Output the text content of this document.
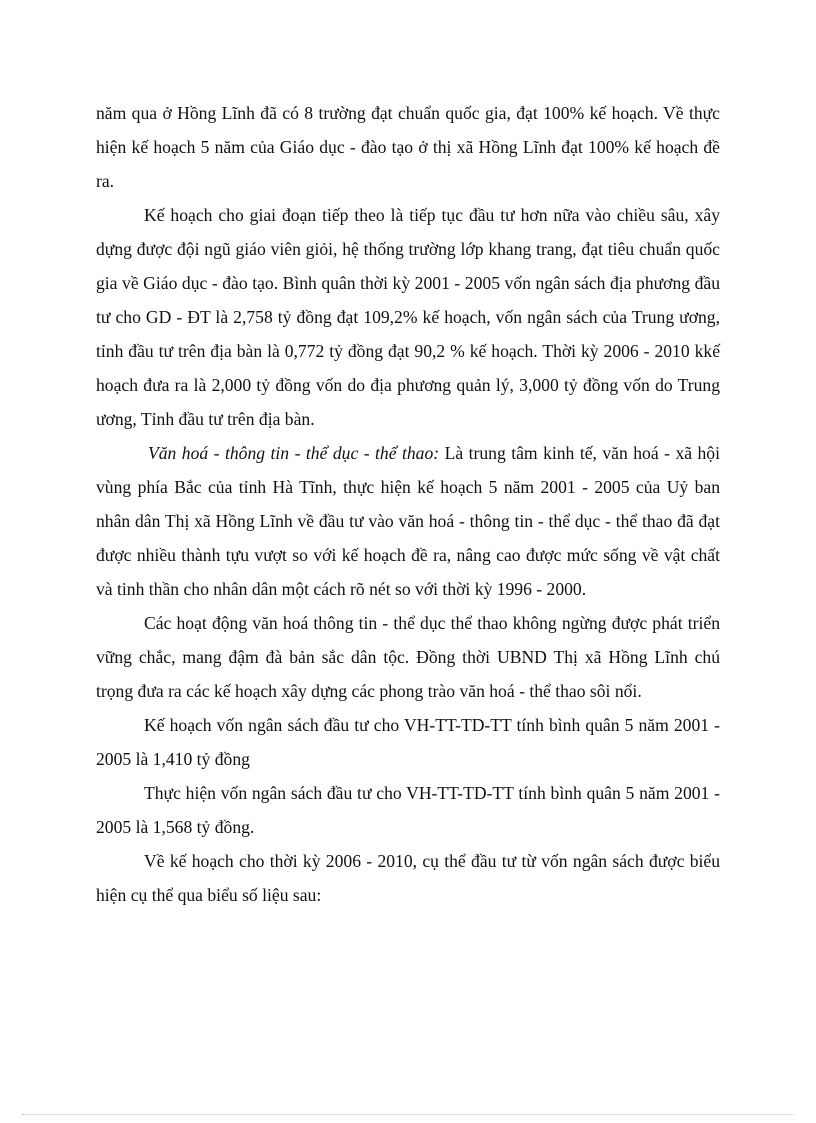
năm qua ở Hồng Lĩnh đã có 8 trường đạt chuẩn quốc gia, đạt 100% kế hoạch. Về thực hiện kế hoạch 5 năm của Giáo dục - đào tạo ở thị xã Hồng Lĩnh đạt 100% kế hoạch đề ra.

Kế hoạch cho giai đoạn tiếp theo là tiếp tục đầu tư hơn nữa vào chiều sâu, xây dựng được đội ngũ giáo viên giỏi, hệ thống trường lớp khang trang, đạt tiêu chuẩn quốc gia về Giáo dục - đào tạo. Bình quân thời kỳ 2001 - 2005 vốn ngân sách địa phương đầu tư cho GD - ĐT là 2,758 tỷ đồng đạt 109,2% kế hoạch, vốn ngân sách của Trung ương, tỉnh đầu tư trên địa bàn là 0,772 tỷ đồng đạt 90,2 % kế hoạch. Thời kỳ 2006 - 2010 kkế hoạch đưa ra là 2,000 tỷ đồng vốn do địa phương quản lý, 3,000 tỷ đồng vốn do Trung ương, Tỉnh đầu tư trên địa bàn.

Văn hoá - thông tin - thể dục - thể thao: Là trung tâm kinh tế, văn hoá - xã hội vùng phía Bắc của tỉnh Hà Tĩnh, thực hiện kế hoạch 5 năm 2001 - 2005 của Uỷ ban nhân dân Thị xã Hồng Lĩnh về đầu tư vào văn hoá - thông tin - thể dục - thể thao đã đạt được nhiều thành tựu vượt so với kế hoạch đề ra, nâng cao được mức sống về vật chất và tinh thần cho nhân dân một cách rõ nét so với thời kỳ 1996 - 2000.

Các hoạt động văn hoá thông tin - thể dục thể thao không ngừng được phát triển vững chắc, mang đậm đà bản sắc dân tộc. Đồng thời UBND Thị xã Hồng Lĩnh chú trọng đưa ra các kế hoạch xây dựng các phong trào văn hoá - thể thao sôi nổi.

Kế hoạch vốn ngân sách đầu tư cho VH-TT-TD-TT tính bình quân 5 năm 2001 - 2005 là 1,410 tỷ đồng

Thực hiện vốn ngân sách đầu tư cho VH-TT-TD-TT tính bình quân 5 năm 2001 - 2005 là 1,568 tỷ đồng.

Về kế hoạch cho thời kỳ 2006 - 2010, cụ thể đầu tư từ vốn ngân sách được biểu hiện cụ thể qua biểu số liệu sau:
